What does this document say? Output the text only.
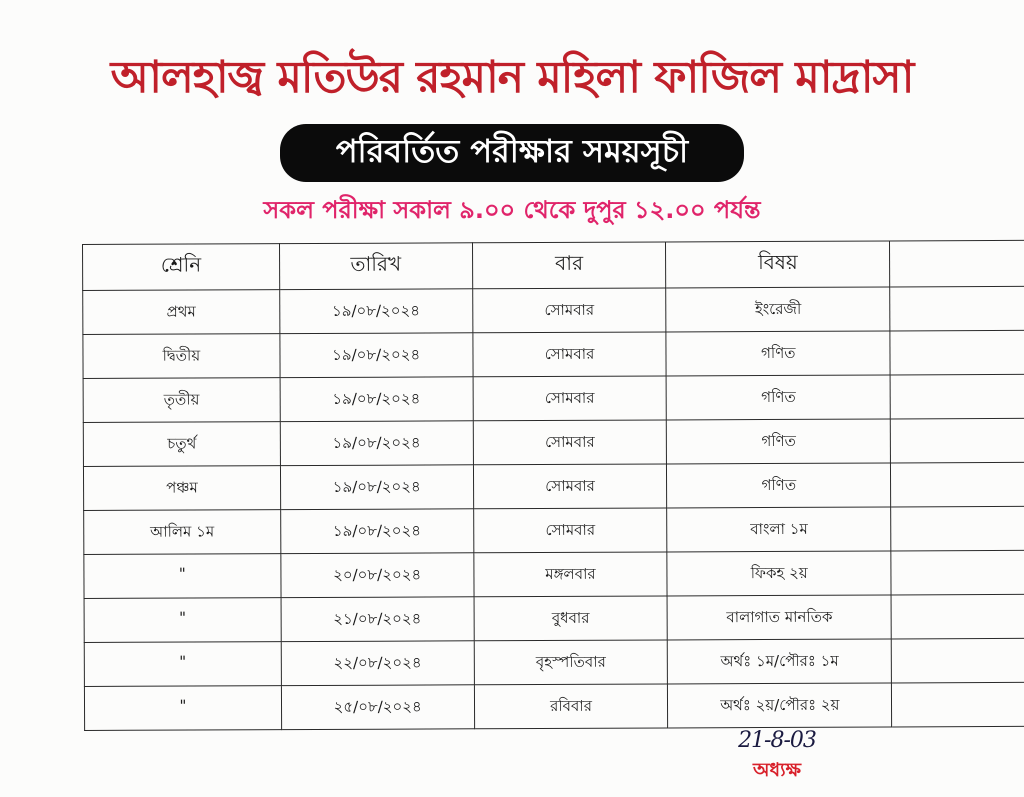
আলহাজ্ব মতিউর রহমান মহিলা ফাজিল মাদ্রাসা
পরিবর্তিত পরীক্ষার সময়সূচী
সকল পরীক্ষা সকাল ৯.০০ থেকে দুপুর ১২.০০ পর্যন্ত
শ্রেনি	তারিখ	বার	বিষয়	
প্রথম	১৯/০৮/২০২৪	সোমবার	ইংরেজী	
দ্বিতীয়	১৯/০৮/২০২৪	সোমবার	গণিত	
তৃতীয়	১৯/০৮/২০২৪	সোমবার	গণিত	
চতুর্থ	১৯/০৮/২০২৪	সোমবার	গণিত	
পঞ্চম	১৯/০৮/২০২৪	সোমবার	গণিত	
আলিম ১ম	১৯/০৮/২০২৪	সোমবার	বাংলা ১ম	
"	২০/০৮/২০২৪	মঙ্গলবার	ফিকহ ২য়	
"	২১/০৮/২০২৪	বুধবার	বালাগাত মানতিক	
"	২২/০৮/২০২৪	বৃহস্পতিবার	অর্থঃ ১ম/পৌরঃ ১ম	
"	২৫/০৮/২০২৪	রবিবার	অর্থঃ ২য়/পৌরঃ ২য়	
21-8-03
অধ্যক্ষ
